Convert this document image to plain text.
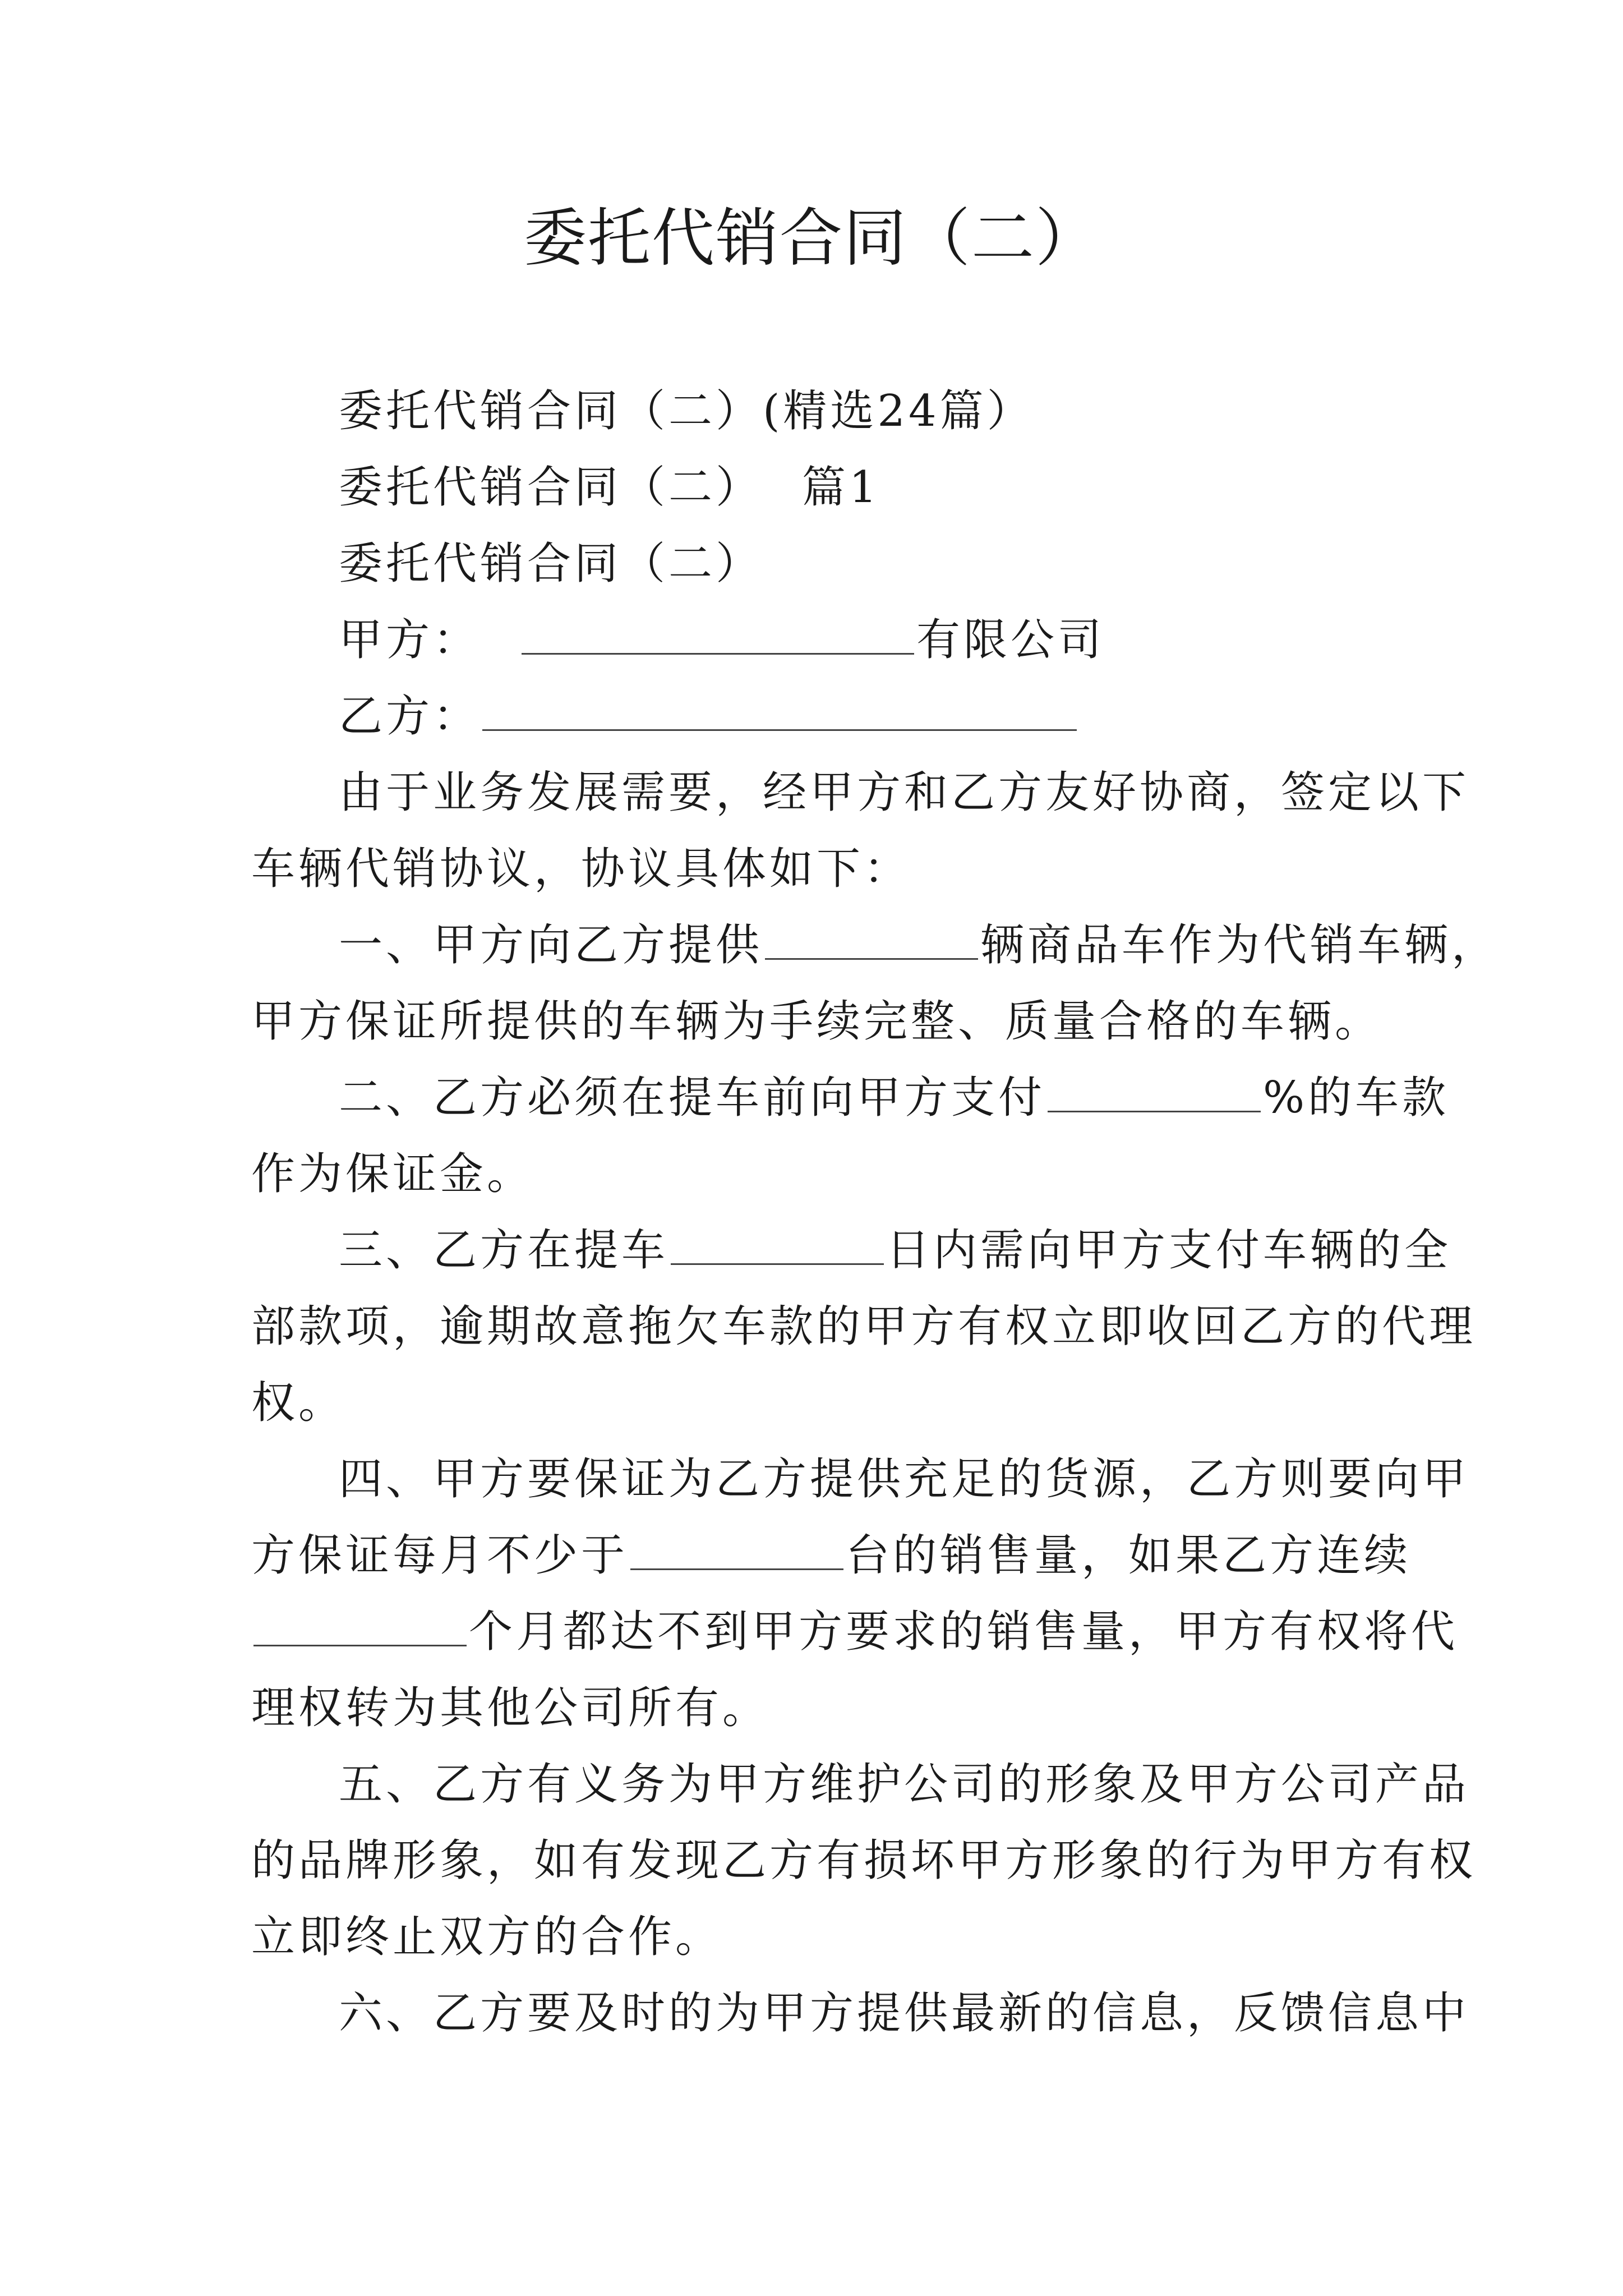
委托代销合同（二）
委托代销合同（二）(精选24篇）
委托代销合同（二） 篇1
委托代销合同（二）
甲方：	有限公司
乙方：
由于业务发展需要，经甲方和乙方友好协商，签定以下
车辆代销协议，协议具体如下：
一、甲方向乙方提供	辆商品车作为代销车辆，
甲方保证所提供的车辆为手续完整、质量合格的车辆。
二、乙方必须在提车前向甲方支付	%的车款
作为保证金。
三、乙方在提车	日内需向甲方支付车辆的全
部款项，逾期故意拖欠车款的甲方有权立即收回乙方的代理
权。
四、甲方要保证为乙方提供充足的货源，乙方则要向甲
方保证每月不少于	台的销售量，如果乙方连续
个月都达不到甲方要求的销售量，甲方有权将代
理权转为其他公司所有。
五、乙方有义务为甲方维护公司的形象及甲方公司产品
的品牌形象，如有发现乙方有损坏甲方形象的行为甲方有权
立即终止双方的合作。
六、乙方要及时的为甲方提供最新的信息，反馈信息中
